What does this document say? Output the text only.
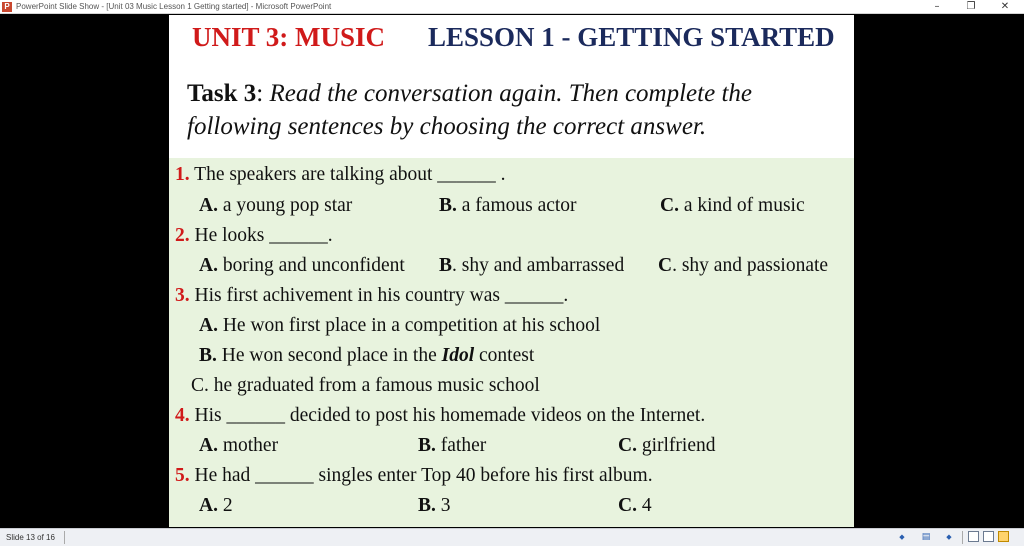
P PowerPoint Slide Show - [Unit 03 Music Lesson 1 Getting started] - Microsoft PowerPoint	–	❐	✕
UNIT 3: MUSIC LESSON 1 - GETTING STARTED
Task 3: Read the conversation again. Then complete the following sentences by choosing the correct answer.
1. The speakers are talking about ______ .
A. a young pop star	B. a famous actor	C. a kind of music
2. He looks ______.
A. boring and unconfident B. shy and ambarrassed C. shy and passionate
3. His first achivement in his country was ______.
A. He won first place in a competition at his school
B. He won second place in the Idol contest
C. he graduated from a famous music school
4. His ______ decided to post his homemade videos on the Internet.
A. mother	B. father	C. girlfriend
5. He had ______ singles enter Top 40 before his first album.
A. 2	B. 3	C. 4
Slide 13 of 16	◆	▤	◆
